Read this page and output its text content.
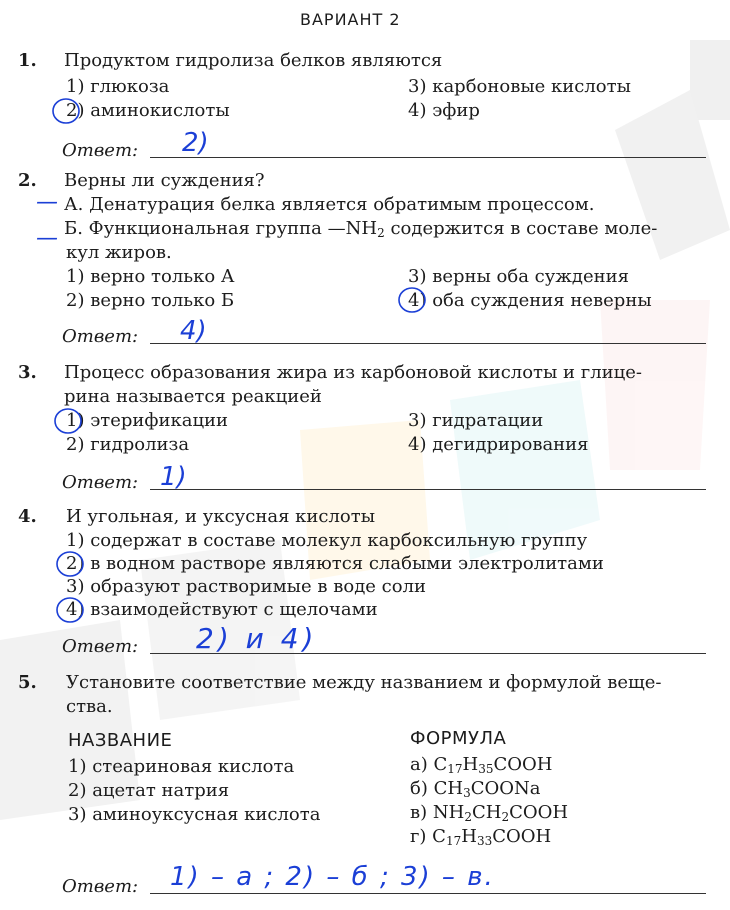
ВАРИАНТ 2
1. Продуктом гидролиза белков являются
1) глюкоза
2) аминокислоты
3) карбоновые кислоты
4) эфир
Ответ: 2)
2. Верны ли суждения?
— А. Денатурация белка является обратимым процессом.
— Б. Функциональная группа $—NH_2$ содержится в составе моле-
кул жиров.
1) верно только А
2) верно только Б
3) верны оба суждения
4) оба суждения неверны
Ответ: 4)
3. Процесс образования жира из карбоновой кислоты и глице-
рина называется реакцией
1) этерификации
2) гидролиза
3) гидратации
4) дегидрирования
Ответ: 1)
4. И угольная, и уксусная кислоты
1) содержат в составе молекул карбоксильную группу
2) в водном растворе являются слабыми электролитами
3) образуют растворимые в воде соли
4) взаимодействуют с щелочами
Ответ: 2) и 4)
5. Установите соответствие между названием и формулой веще-
ства.
НАЗВАНИЕ	ФОРМУЛА
1) стеариновая кислота
2) ацетат натрия
3) аминоуксусная кислота
а) $C_{17}H_{35}COOH$
б) $CH_3COONa$
в) $NH_2CH_2COOH$
г) $C_{17}H_{33}COOH$
Ответ: 1) – а ; 2) – б ; 3) – в.
